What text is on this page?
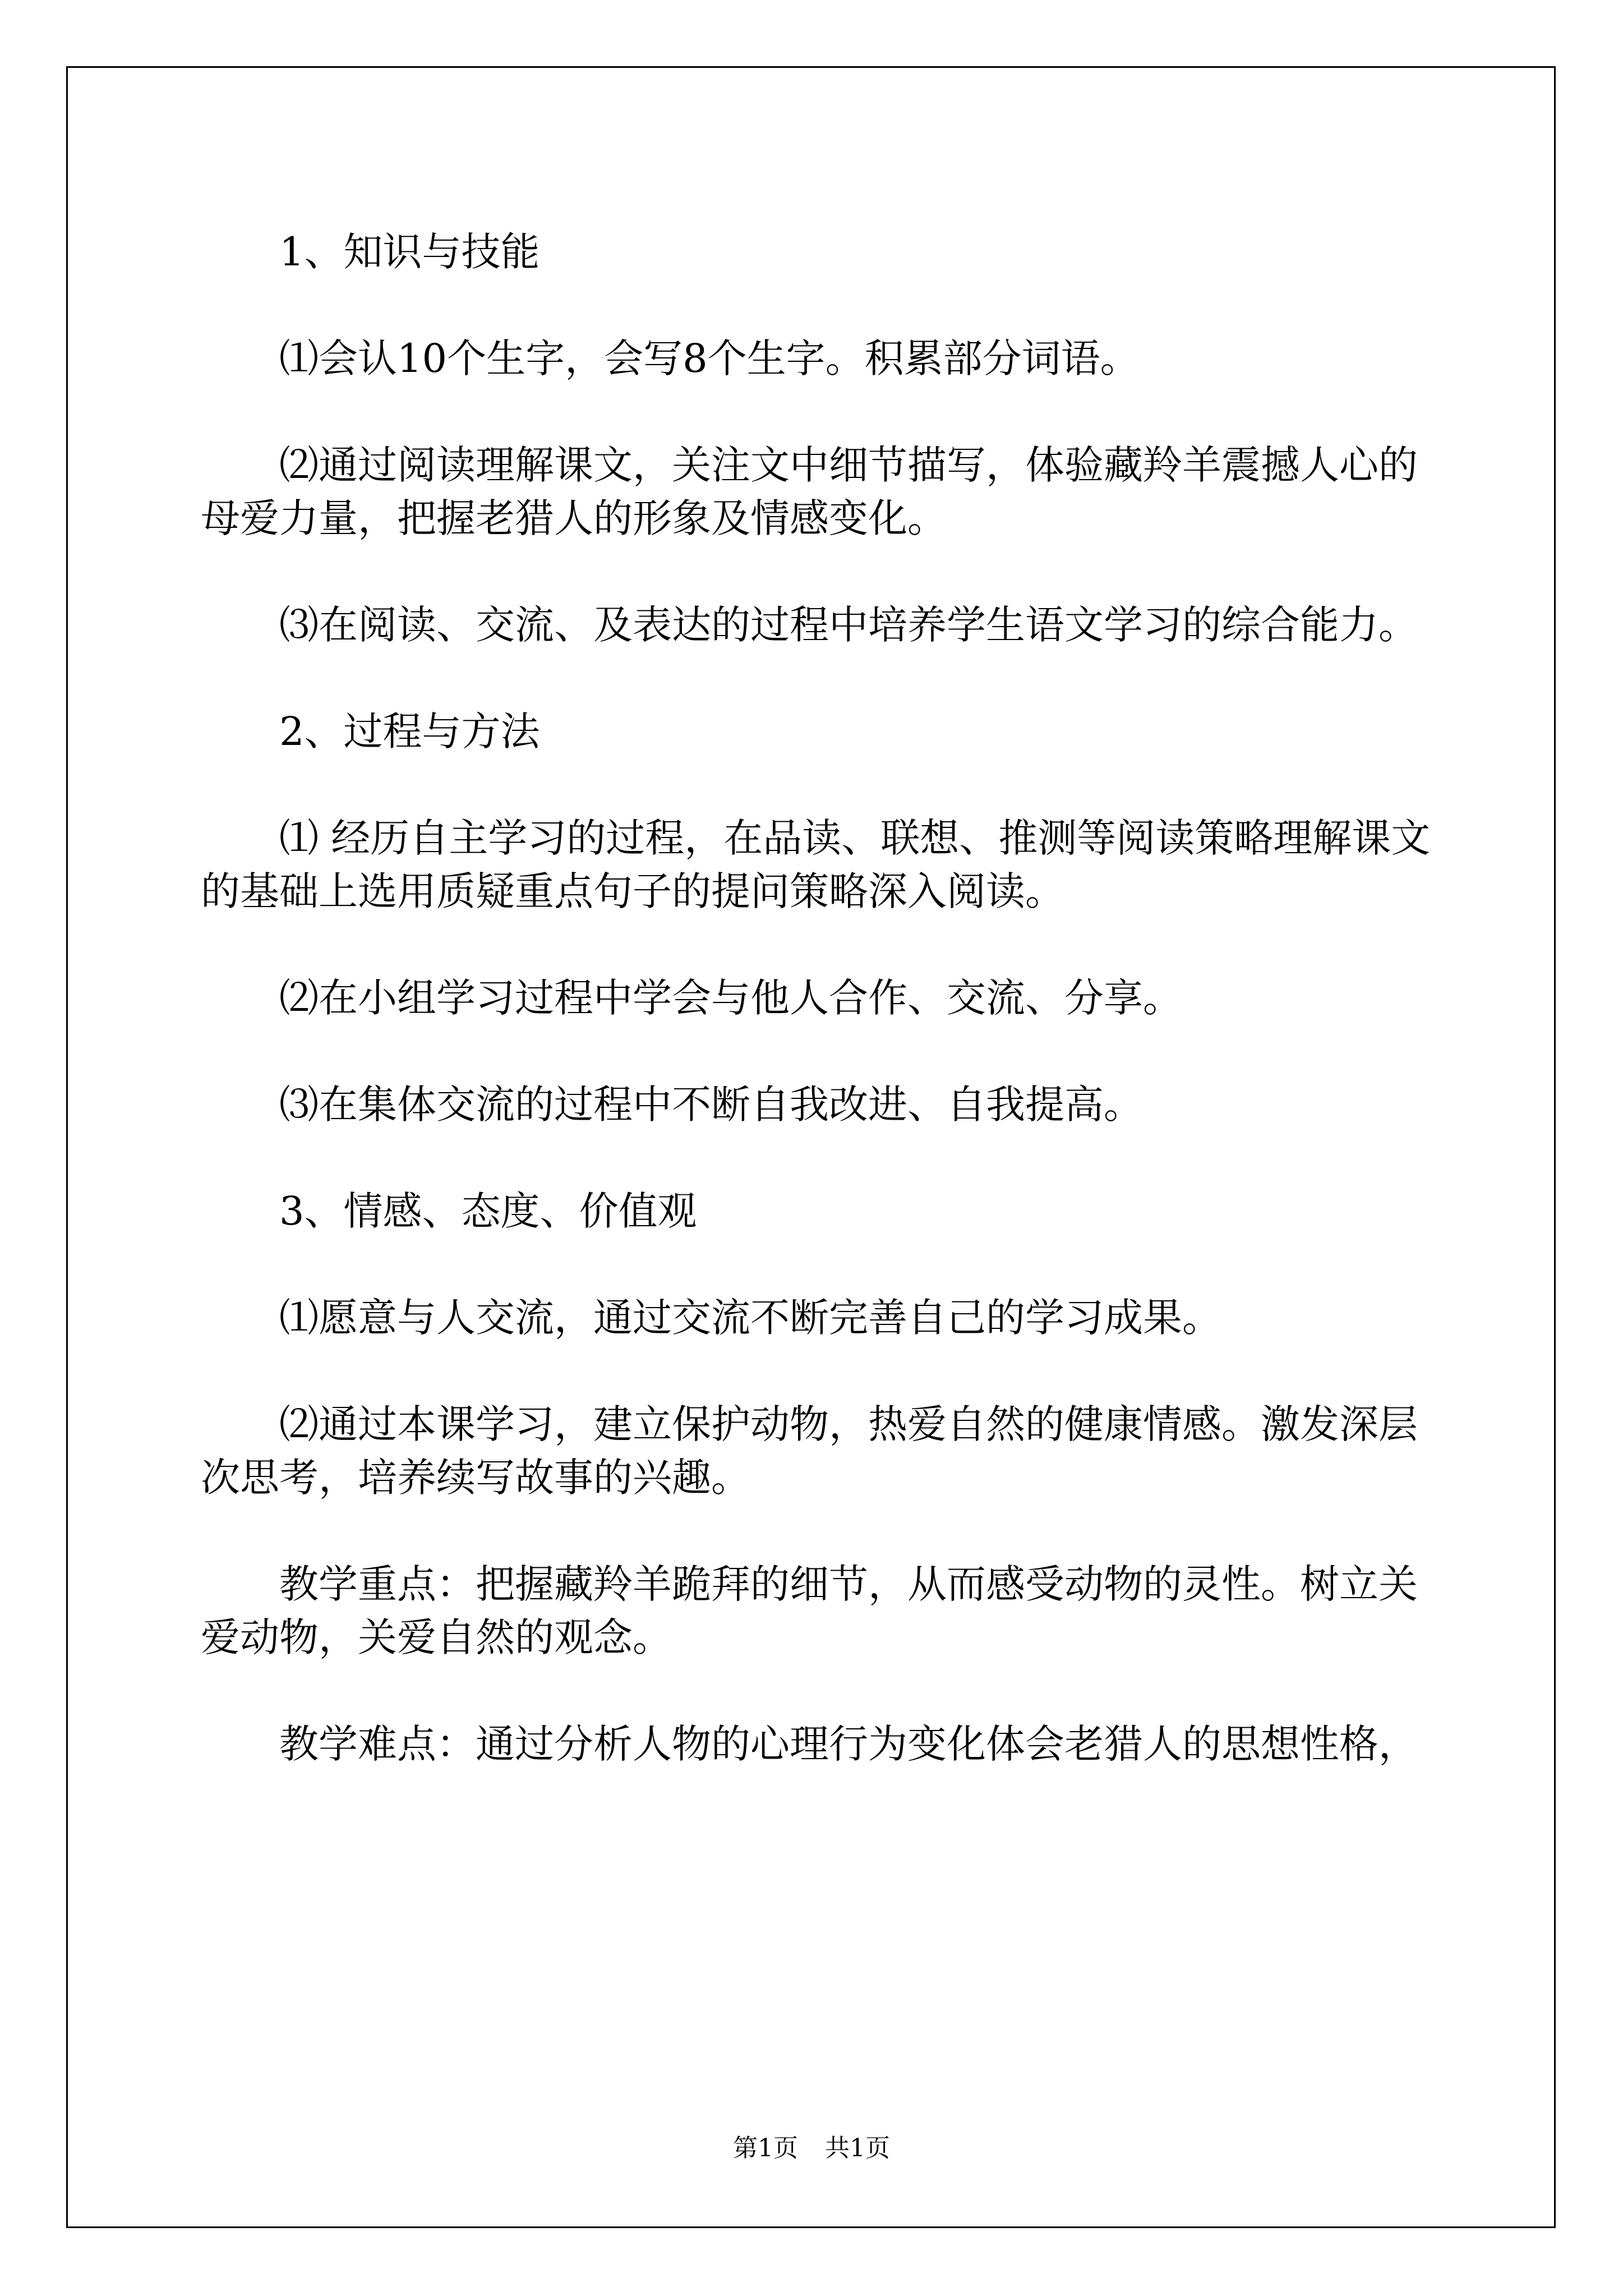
1、知识与技能

⑴会认10个生字，会写8个生字。积累部分词语。

⑵通过阅读理解课文，关注文中细节描写，体验藏羚羊震撼人心的母爱力量，把握老猎人的形象及情感变化。

⑶在阅读、交流、及表达的过程中培养学生语文学习的综合能力。

2、过程与方法

⑴ 经历自主学习的过程，在品读、联想、推测等阅读策略理解课文的基础上选用质疑重点句子的提问策略深入阅读。

⑵在小组学习过程中学会与他人合作、交流、分享。

⑶在集体交流的过程中不断自我改进、自我提高。

3、情感、态度、价值观

⑴愿意与人交流，通过交流不断完善自己的学习成果。

⑵通过本课学习，建立保护动物，热爱自然的健康情感。激发深层次思考，培养续写故事的兴趣。

教学重点：把握藏羚羊跪拜的细节，从而感受动物的灵性。树立关爱动物，关爱自然的观念。

教学难点：通过分析人物的心理行为变化体会老猎人的思想性格，

第1页 共1页
